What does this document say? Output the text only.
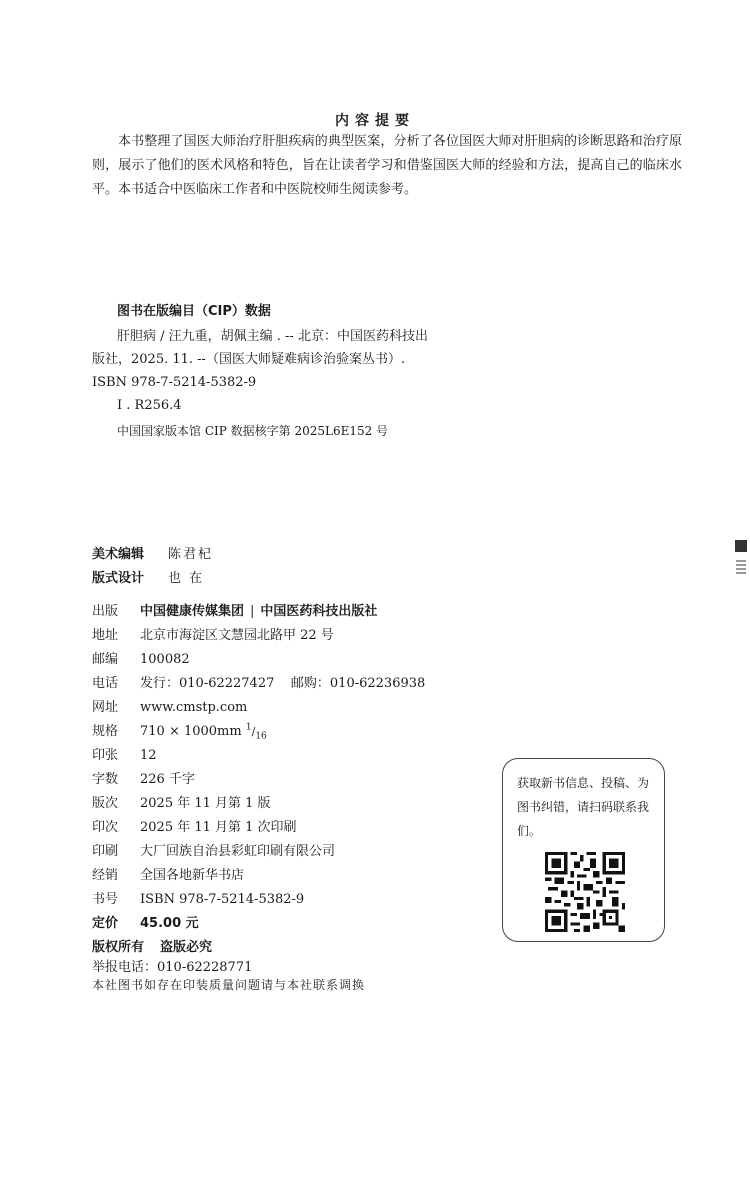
内容提要

本书整理了国医大师治疗肝胆疾病的典型医案，分析了各位国医大师对肝胆病的诊断思路和治疗原则，展示了他们的医术风格和特色，旨在让读者学习和借鉴国医大师的经验和方法，提高自己的临床水平。本书适合中医临床工作者和中医院校师生阅读参考。

图书在版编目（CIP）数据
肝胆病 / 汪九重，胡佩主编 . -- 北京：中国医药科技出
版社，2025. 11. --（国医大师疑难病诊治验案丛书）.
ISBN 978-7-5214-5382-9
Ⅰ . R256.4
中国国家版本馆 CIP 数据核字第 2025L6E152 号
美术编辑 陈君杞
版式设计 也 在
出版 中国健康传媒集团 | 中国医药科技出版社
地址 北京市海淀区文慧园北路甲 22 号
邮编 100082
电话 发行：010-62227427    邮购：010-62236938
网址 www.cmstp.com
规格 710 × 1000mm $^1/_{16}$
印张 12
字数 226 千字
版次 2025 年 11 月第 1 版
印次 2025 年 11 月第 1 次印刷
印刷 大厂回族自治县彩虹印刷有限公司
经销 全国各地新华书店
书号 ISBN 978-7-5214-5382-9
定价 45.00 元
版权所有 盗版必究
举报电话：010-62228771
本社图书如存在印装质量问题请与本社联系调换
获取新书信息、投稿、为图书纠错，请扫码联系我们。
